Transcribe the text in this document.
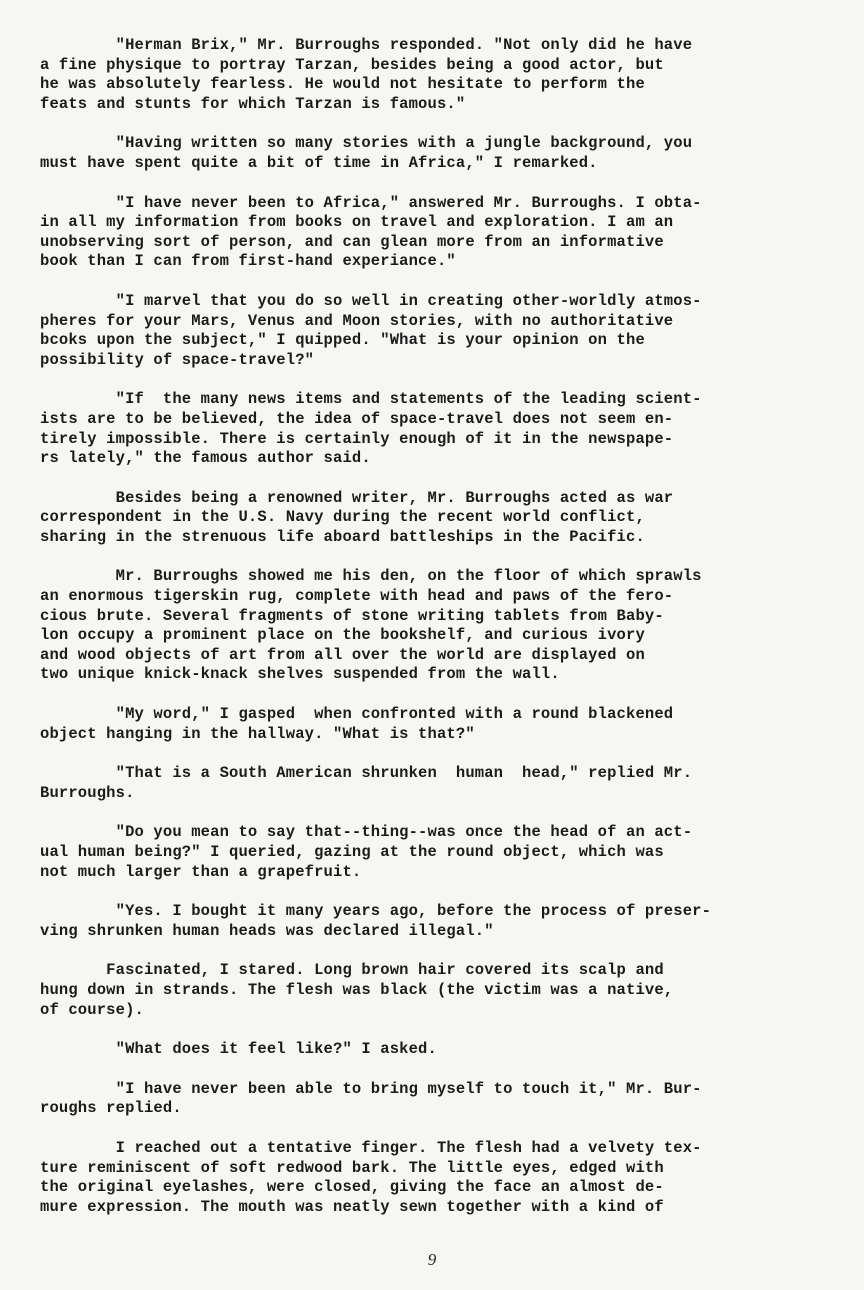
"Herman Brix," Mr. Burroughs responded. "Not only did he have
a fine physique to portray Tarzan, besides being a good actor, but
he was absolutely fearless. He would not hesitate to perform the
feats and stunts for which Tarzan is famous."

"Having written so many stories with a jungle background, you
must have spent quite a bit of time in Africa," I remarked.

"I have never been to Africa," answered Mr. Burroughs. I obta-
in all my information from books on travel and exploration. I am an
unobserving sort of person, and can glean more from an informative
book than I can from first-hand experiance."

"I marvel that you do so well in creating other-worldly atmos-
pheres for your Mars, Venus and Moon stories, with no authoritative
bcoks upon the subject," I quipped. "What is your opinion on the
possibility of space-travel?"

"If  the many news items and statements of the leading scient-
ists are to be believed, the idea of space-travel does not seem en-
tirely impossible. There is certainly enough of it in the newspape-
rs lately," the famous author said.

Besides being a renowned writer, Mr. Burroughs acted as war
correspondent in the U.S. Navy during the recent world conflict,
sharing in the strenuous life aboard battleships in the Pacific.

Mr. Burroughs showed me his den, on the floor of which sprawls
an enormous tigerskin rug, complete with head and paws of the fero-
cious brute. Several fragments of stone writing tablets from Baby-
lon occupy a prominent place on the bookshelf, and curious ivory
and wood objects of art from all over the world are displayed on
two unique knick-knack shelves suspended from the wall.

"My word," I gasped  when confronted with a round blackened
object hanging in the hallway. "What is that?"

"That is a South American shrunken  human  head," replied Mr.
Burroughs.

"Do you mean to say that--thing--was once the head of an act-
ual human being?" I queried, gazing at the round object, which was
not much larger than a grapefruit.

"Yes. I bought it many years ago, before the process of preser-
ving shrunken human heads was declared illegal."

Fascinated, I stared. Long brown hair covered its scalp and
hung down in strands. The flesh was black (the victim was a native,
of course).

"What does it feel like?" I asked.

"I have never been able to bring myself to touch it," Mr. Bur-
roughs replied.

I reached out a tentative finger. The flesh had a velvety tex-
ture reminiscent of soft redwood bark. The little eyes, edged with
the original eyelashes, were closed, giving the face an almost de-
mure expression. The mouth was neatly sewn together with a kind of

9
